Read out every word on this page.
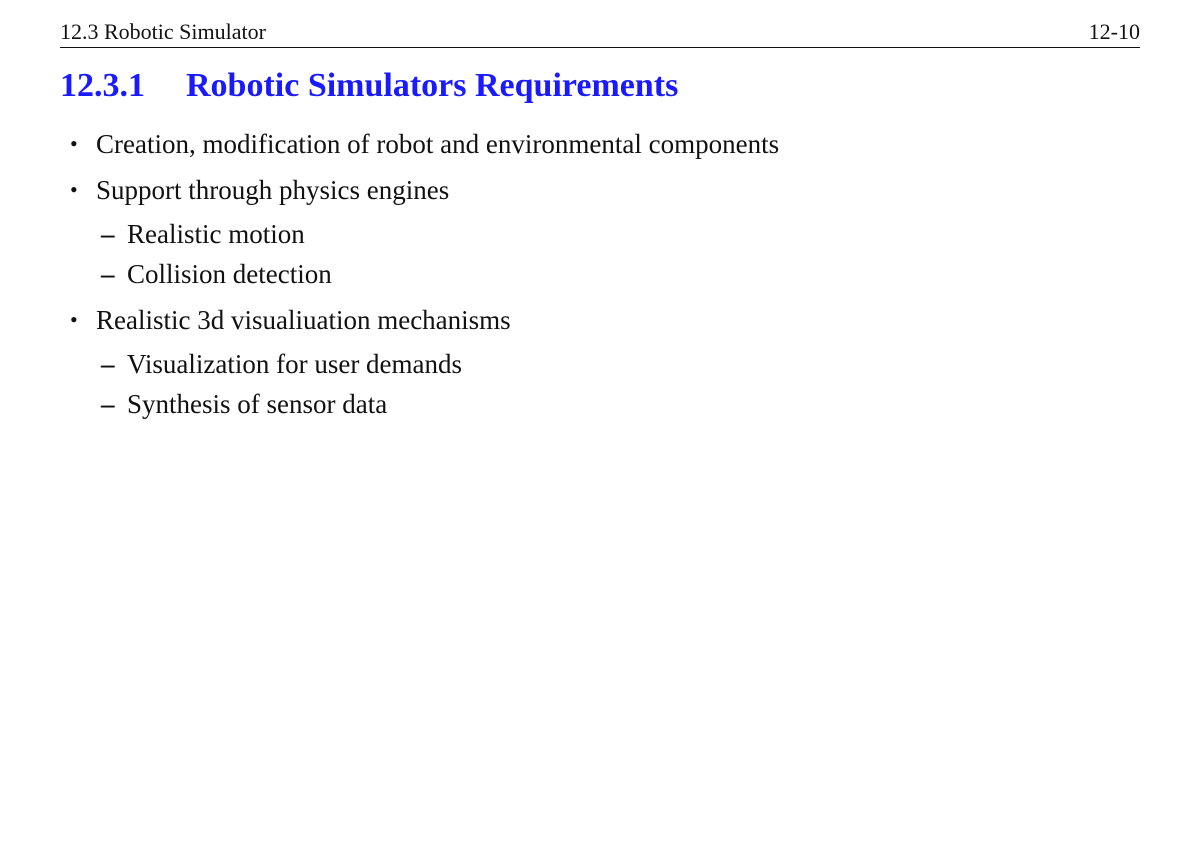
12.3 Robotic Simulator	12-10
12.3.1 Robotic Simulators Requirements
• Creation, modification of robot and environmental components
• Support through physics engines
– Realistic motion
– Collision detection
• Realistic 3d visualiuation mechanisms
– Visualization for user demands
– Synthesis of sensor data
